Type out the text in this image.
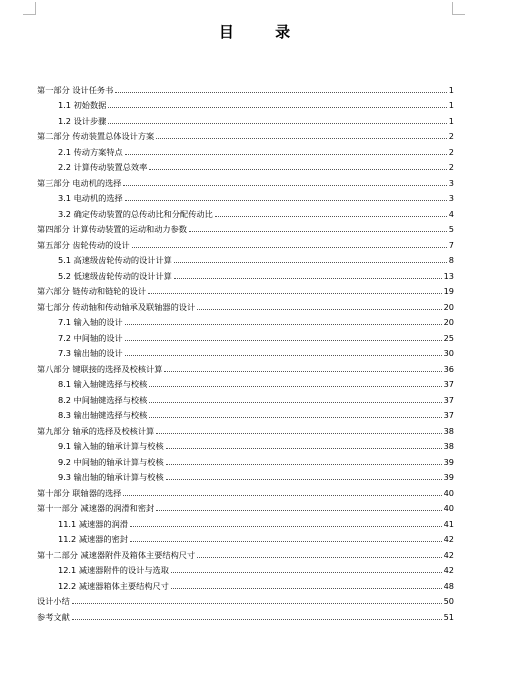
目 录
第一部分 设计任务书	1
1.1 初始数据	1
1.2 设计步骤	1
第二部分 传动装置总体设计方案	2
2.1 传动方案特点	2
2.2 计算传动装置总效率	2
第三部分 电动机的选择	3
3.1 电动机的选择	3
3.2 确定传动装置的总传动比和分配传动比	4
第四部分 计算传动装置的运动和动力参数	5
第五部分 齿轮传动的设计	7
5.1 高速级齿轮传动的设计计算	8
5.2 低速级齿轮传动的设计计算	13
第六部分 链传动和链轮的设计	19
第七部分 传动轴和传动轴承及联轴器的设计	20
7.1 输入轴的设计	20
7.2 中间轴的设计	25
7.3 输出轴的设计	30
第八部分 键联接的选择及校核计算	36
8.1 输入轴键选择与校核	37
8.2 中间轴键选择与校核	37
8.3 输出轴键选择与校核	37
第九部分 轴承的选择及校核计算	38
9.1 输入轴的轴承计算与校核	38
9.2 中间轴的轴承计算与校核	39
9.3 输出轴的轴承计算与校核	39
第十部分 联轴器的选择	40
第十一部分 减速器的润滑和密封	40
11.1 减速器的润滑	41
11.2 减速器的密封	42
第十二部分 减速器附件及箱体主要结构尺寸	42
12.1 减速器附件的设计与选取	42
12.2 减速器箱体主要结构尺寸	48
设计小结	50
参考文献	51
